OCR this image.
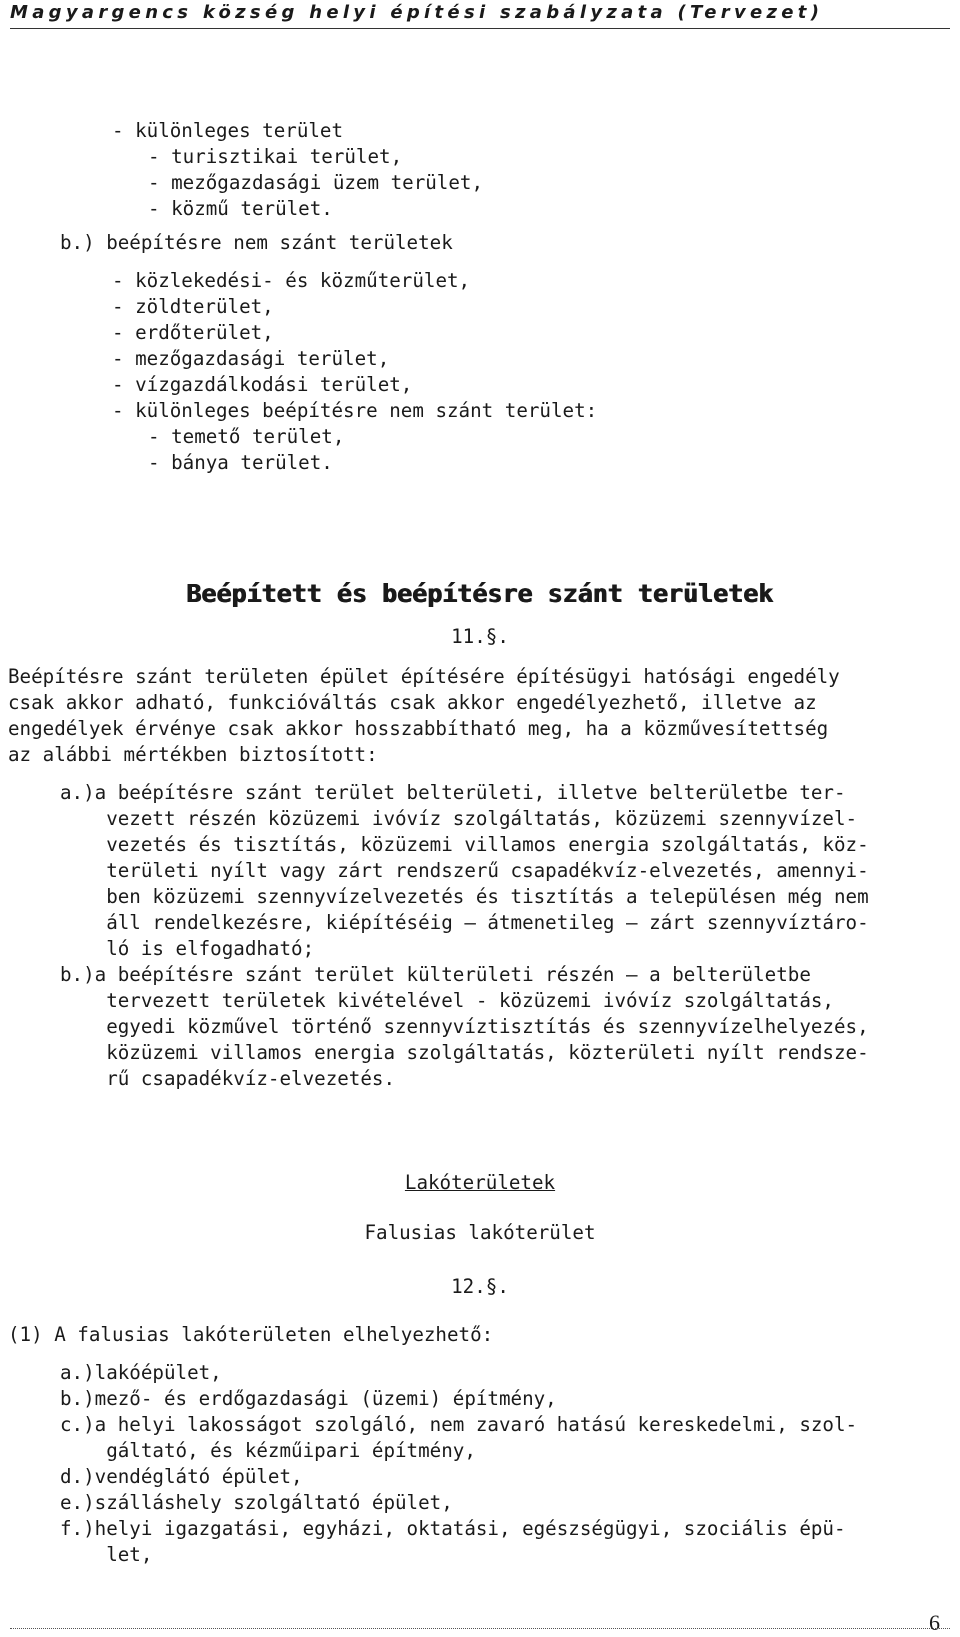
Magyargencs község helyi építési szabályzata (Tervezet)
- különleges terület
- turisztikai terület,
- mezőgazdasági üzem terület,
- közmű terület.
b.) beépítésre nem szánt területek
- közlekedési- és közműterület,
- zöldterület,
- erdőterület,
- mezőgazdasági terület,
- vízgazdálkodási terület,
- különleges beépítésre nem szánt terület:
- temető terület,
- bánya terület.
Beépített és beépítésre szánt területek
11.§.
Beépítésre szánt területen épület építésére építésügyi hatósági engedély
csak akkor adható, funkcióváltás csak akkor engedélyezhető, illetve az
engedélyek érvénye csak akkor hosszabbítható meg, ha a közművesítettség
az alábbi mértékben biztosított:
a.)a beépítésre szánt terület belterületi, illetve belterületbe ter-
vezett részén közüzemi ivóvíz szolgáltatás, közüzemi szennyvízel-
vezetés és tisztítás, közüzemi villamos energia szolgáltatás, köz-
területi nyílt vagy zárt rendszerű csapadékvíz-elvezetés, amennyi-
ben közüzemi szennyvízelvezetés és tisztítás a településen még nem
áll rendelkezésre, kiépítéséig – átmenetileg – zárt szennyvíztáro-
ló is elfogadható;
b.)a beépítésre szánt terület külterületi részén – a belterületbe
tervezett területek kivételével - közüzemi ivóvíz szolgáltatás,
egyedi közművel történő szennyvíztisztítás és szennyvízelhelyezés,
közüzemi villamos energia szolgáltatás, közterületi nyílt rendsze-
rű csapadékvíz-elvezetés.
Lakóterületek
Falusias lakóterület
12.§.
(1) A falusias lakóterületen elhelyezhető:
a.)lakóépület,
b.)mező- és erdőgazdasági (üzemi) építmény,
c.)a helyi lakosságot szolgáló, nem zavaró hatású kereskedelmi, szol-
gáltató, és kézműipari építmény,
d.)vendéglátó épület,
e.)szálláshely szolgáltató épület,
f.)helyi igazgatási, egyházi, oktatási, egészségügyi, szociális épü-
let,
6
